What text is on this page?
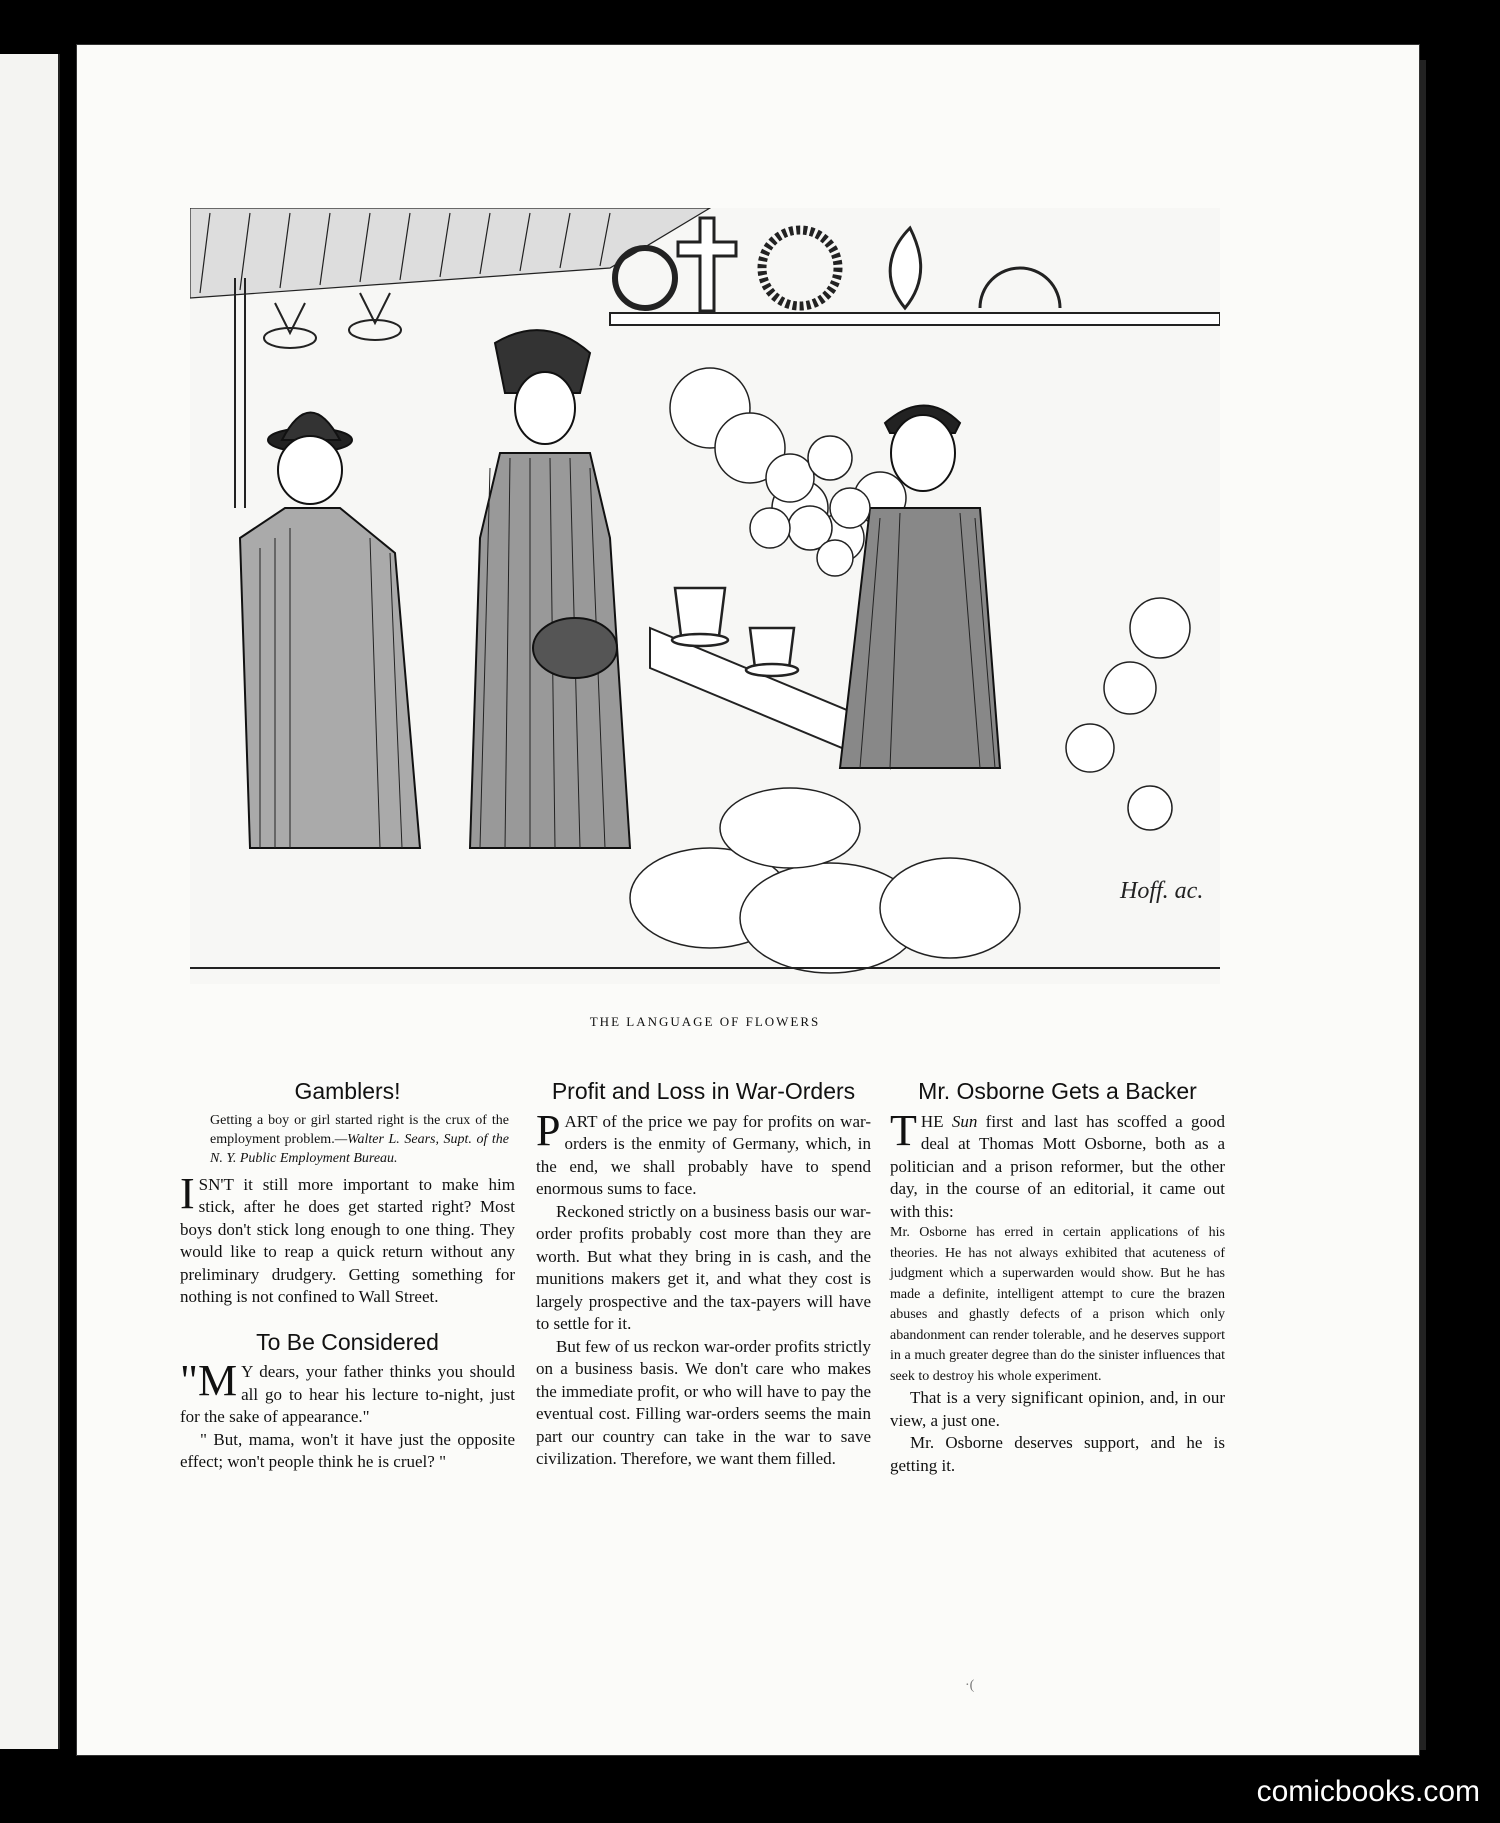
Hoff. ac.
THE LANGUAGE OF FLOWERS
Gamblers!
Getting a boy or girl started right is the crux of the employment problem.—Walter L. Sears, Supt. of the N. Y. Public Employment Bureau.

ISN'T it still more important to make him stick, after he does get started right? Most boys don't stick long enough to one thing. They would like to reap a quick return without any preliminary drudgery. Getting something for nothing is not confined to Wall Street.

To Be Considered

"M Y dears, your father thinks you should all go to hear his lecture to-night, just for the sake of appearance."

" But, mama, won't it have just the opposite effect; won't people think he is cruel? "

Profit and Loss in War-Orders

PART of the price we pay for profits on war-orders is the enmity of Germany, which, in the end, we shall probably have to spend enormous sums to face.

Reckoned strictly on a business basis our war-order profits probably cost more than they are worth. But what they bring in is cash, and the munitions makers get it, and what they cost is largely prospective and the tax-payers will have to settle for it.

But few of us reckon war-order profits strictly on a business basis. We don't care who makes the immediate profit, or who will have to pay the eventual cost. Filling war-orders seems the main part our country can take in the war to save civilization. Therefore, we want them filled.

Mr. Osborne Gets a Backer

THE Sun first and last has scoffed a good deal at Thomas Mott Osborne, both as a politician and a prison reformer, but the other day, in the course of an editorial, it came out with this:

Mr. Osborne has erred in certain applications of his theories. He has not always exhibited that acuteness of judgment which a superwarden would show. But he has made a definite, intelligent attempt to cure the brazen abuses and ghastly defects of a prison which only abandonment can render tolerable, and he deserves support in a much greater degree than do the sinister influences that seek to destroy his whole experiment.

That is a very significant opinion, and, in our view, a just one.

Mr. Osborne deserves support, and he is getting it.

·(
comicbooks.com
